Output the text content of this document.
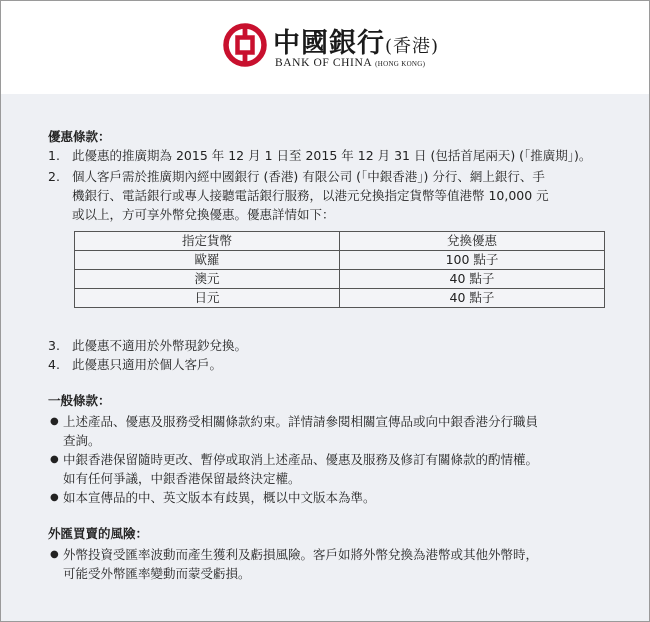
中國銀行(香港)
BANK OF CHINA (HONG KONG)
優惠條款：
1. 此優惠的推廣期為 2015 年 12 月 1 日至 2015 年 12 月 31 日 (包括首尾兩天) (「推廣期」)。
2. 個人客戶需於推廣期內經中國銀行 (香港) 有限公司 (「中銀香港」) 分行、網上銀行、手
機銀行、電話銀行或專人接聽電話銀行服務，以港元兌換指定貨幣等值港幣 10,000 元
或以上，方可享外幣兌換優惠。優惠詳情如下：
指定貨幣	兌換優惠
歐羅	100 點子
澳元	40 點子
日元	40 點子
3. 此優惠不適用於外幣現鈔兌換。
4. 此優惠只適用於個人客戶。
一般條款：
● 上述產品、優惠及服務受相關條款約束。詳情請參閱相關宣傳品或向中銀香港分行職員
查詢。
● 中銀香港保留隨時更改、暫停或取消上述產品、優惠及服務及修訂有關條款的酌情權。
如有任何爭議，中銀香港保留最終決定權。
● 如本宣傳品的中、英文版本有歧異，概以中文版本為準。
外匯買賣的風險：
● 外幣投資受匯率波動而產生獲利及虧損風險。客戶如將外幣兌換為港幣或其他外幣時，
可能受外幣匯率變動而蒙受虧損。
